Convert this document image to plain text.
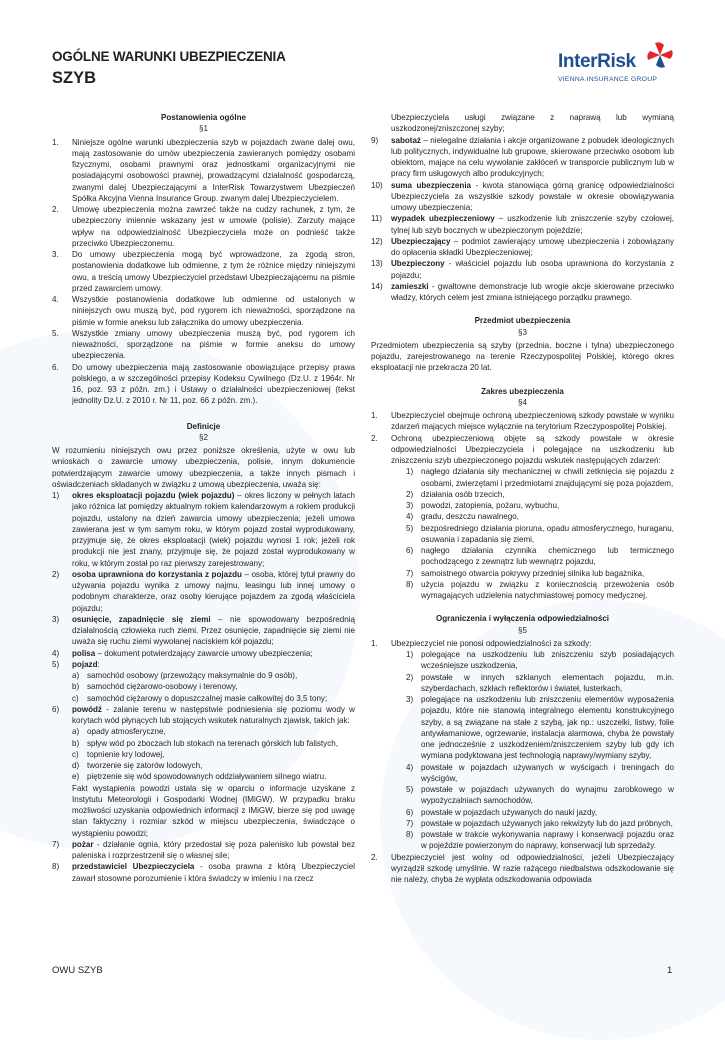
OGÓLNE WARUNKI UBEZPIECZENIA
SZYB
InterRisk
VIENNA INSURANCE GROUP
Postanowienia ogólne
§1
1.	Niniejsze ogólne warunki ubezpieczenia szyb w pojazdach zwane dalej owu, mają zastosowanie do umów ubezpieczenia zawieranych pomiędzy osobami fizycznymi, osobami prawnymi oraz jednostkami organizacyjnymi nie posiadającymi osobowości prawnej, prowadzącymi działalność gospodarczą, zwanymi dalej Ubezpieczającymi a InterRisk Towarzystwem Ubezpieczeń Spółka Akcyjna Vienna Insurance Group. zwanym dalej Ubezpieczycielem.
2.	Umowę ubezpieczenia można zawrzeć także na cudzy rachunek, z tym, że ubezpieczony imiennie wskazany jest w umowie (polisie). Zarzuty mające wpływ na odpowiedzialność Ubezpieczyciela może on podnieść także przeciwko Ubezpieczonemu.
3.	Do umowy ubezpieczenia mogą być wprowadzone, za zgodą stron, postanowienia dodatkowe lub odmienne, z tym że różnice między niniejszymi owu, a treścią umowy Ubezpieczyciel przedstawi Ubezpieczającemu na piśmie przed zawarciem umowy.
4.	Wszystkie postanowienia dodatkowe lub odmienne od ustalonych w niniejszych owu muszą być, pod rygorem ich nieważności, sporządzone na piśmie w formie aneksu lub załącznika do umowy ubezpieczenia.
5.	Wszystkie zmiany umowy ubezpieczenia muszą być, pod rygorem ich nieważności, sporządzone na piśmie w formie aneksu do umowy ubezpieczenia.
6.	Do umowy ubezpieczenia mają zastosowanie obowiązujące przepisy prawa polskiego, a w szczególności przepisy Kodeksu Cywilnego (Dz.U. z 1964r. Nr 16, poz. 93 z późn. zm.) i Ustawy o działalności ubezpieczeniowej (tekst jednolity Dz.U. z 2010 r. Nr 11, poz. 66 z późn. zm.).
Definicje
§2
W rozumieniu niniejszych owu przez poniższe określenia, użyte w owu lub wnioskach o zawarcie umowy ubezpieczenia, polisie, innym dokumencie potwierdzającym zawarcie umowy ubezpieczenia, a także innych pismach i oświadczeniach składanych w związku z umową ubezpieczenia, uważa się:
1)	okres eksploatacji pojazdu (wiek pojazdu) – okres liczony w pełnych latach jako różnica lat pomiędzy aktualnym rokiem kalendarzowym a rokiem produkcji pojazdu, ustalony na dzień zawarcia umowy ubezpieczenia; jeżeli umowa zawierana jest w tym samym roku, w którym pojazd został wyprodukowany, przyjmuje się, że okres eksploatacji (wiek) pojazdu wynosi 1 rok; jeżeli rok produkcji nie jest znany, przyjmuje się, że pojazd został wyprodukowany w roku, w którym został po raz pierwszy zarejestrowany;
2)	osoba uprawniona do korzystania z pojazdu – osoba, której tytuł prawny do używania pojazdu wynika z umowy najmu, leasingu lub innej umowy o podobnym charakterze, oraz osoby kierujące pojazdem za zgodą właściciela pojazdu;
3)	osunięcie, zapadnięcie się ziemi – nie spowodowany bezpośrednią działalnością człowieka ruch ziemi. Przez osunięcie, zapadnięcie się ziemi nie uważa się ruchu ziemi wywołanej naciskiem kół pojazdu;
4)	polisa – dokument potwierdzający zawarcie umowy ubezpieczenia;
5)	pojazd:
a) samochód osobowy (przewożący maksymalnie do 9 osób),
b) samochód ciężarowo-osobowy i terenowy,
c)	samochód ciężarowy o dopuszczalnej masie całkowitej do 3,5 tony;
6)	powódź - zalanie terenu w następstwie podniesienia się poziomu wody w korytach wód płynących lub stojących wskutek naturalnych zjawisk, takich jak:
a) opady atmosferyczne,
b) spływ wód po zboczach lub stokach na terenach górskich lub falistych,
c)	topnienie kry lodowej,
d) tworzenie się zatorów lodowych,
e) piętrzenie się wód spowodowanych oddziaływaniem silnego wiatru.
Fakt wystąpienia powodzi ustala się w oparciu o informacje uzyskane z Instytutu Meteorologii i Gospodarki Wodnej (IMiGW). W przypadku braku możliwości uzyskania odpowiednich informacji z IMiGW, bierze się pod uwagę stan faktyczny i rozmiar szkód w miejscu ubezpieczenia, świadczące o wystąpieniu powodzi;
7)	pożar - działanie ognia, który przedostał się poza palenisko lub powstał bez paleniska i rozprzestrzenił się o własnej sile;
8)	przedstawiciel Ubezpieczyciela - osoba prawna z którą Ubezpieczyciel zawarł stosowne porozumienie i która świadczy w imieniu i na rzecz
Ubezpieczyciela usługi związane z naprawą lub wymianą uszkodzonej/zniszczonej szyby;
9)	sabotaż – nielegalne działania i akcje organizowane z pobudek ideologicznych lub politycznych, indywidualne lub grupowe, skierowane przeciwko osobom lub obiektom, mające na celu wywołanie zakłóceń w transporcie publicznym lub w pracy firm usługowych albo produkcyjnych;
10)	suma ubezpieczenia - kwota stanowiąca górną granicę odpowiedzialności Ubezpieczyciela za wszystkie szkody powstałe w okresie obowiązywania umowy ubezpieczenia;
11)	wypadek ubezpieczeniowy – uszkodzenie lub zniszczenie szyby czołowej, tylnej lub szyb bocznych w ubezpieczonym pojeździe;
12)	Ubezpieczający – podmiot zawierający umowę ubezpieczenia i zobowiązany do opłacenia składki Ubezpieczeniowej;
13)	Ubezpieczony - właściciel pojazdu lub osoba uprawniona do korzystania z pojazdu;
14)	zamieszki - gwałtowne demonstracje lub wrogie akcje skierowane przeciwko władzy, których celem jest zmiana istniejącego porządku prawnego.
Przedmiot ubezpieczenia
§3
Przedmiotem ubezpieczenia są szyby (przednia, boczne i tylna) ubezpieczonego pojazdu, zarejestrowanego na terenie Rzeczypospolitej Polskiej, którego okres eksploatacji nie przekracza 20 lat.
Zakres ubezpieczenia
§4
1.	Ubezpieczyciel obejmuje ochroną ubezpieczeniową szkody powstałe w wyniku zdarzeń mających miejsce wyłącznie na terytorium Rzeczypospolitej Polskiej.
2.	Ochroną ubezpieczeniową objęte są szkody powstałe w okresie odpowiedzialności Ubezpieczyciela i polegające na uszkodzeniu lub zniszczeniu szyb ubezpieczonego pojazdu wskutek następujących zdarzeń:
1) nagłego działania siły mechanicznej w chwili zetknięcia się pojazdu z osobami, zwierzętami i przedmiotami znajdującymi się poza pojazdem,
2) działania osób trzecich,
3) powodzi, zatopienia, pożaru, wybuchu,
4) gradu, deszczu nawalnego,
5) bezpośredniego działania pioruna, opadu atmosferycznego, huraganu, osuwania i zapadania się ziemi,
6) nagłego działania czynnika chemicznego lub termicznego pochodzącego z zewnątrz lub wewnątrz pojazdu,
7) samoistnego otwarcia pokrywy przedniej silnika lub bagażnika,
8) użycia pojazdu w związku z koniecznością przewożenia osób wymagających udzielenia natychmiastowej pomocy medycznej.
Ograniczenia i wyłączenia odpowiedzialności
§5
1.	Ubezpieczyciel nie ponosi odpowiedzialności za szkody:
1) polegające na uszkodzeniu lub zniszczeniu szyb posiadających wcześniejsze uszkodzenia,
2) powstałe w innych szklanych elementach pojazdu, m.in. szyberdachach, szkłach reflektorów i świateł, lusterkach,
3) polegające na uszkodzeniu lub zniszczeniu elementów wyposażenia pojazdu, które nie stanowią integralnego elementu konstrukcyjnego szyby, a są związane na stałe z szybą, jak np.: uszczelki, listwy, folie antywłamaniowe, ogrzewanie, instalacja alarmowa, chyba że powstały one jednocześnie z uszkodzeniem/zniszczeniem szyby lub gdy ich wymiana podyktowana jest technologią naprawy/wymiany szyby,
4) powstałe w pojazdach używanych w wyścigach i treningach do wyścigów,
5) powstałe w pojazdach używanych do wynajmu zarobkowego w wypożyczalniach samochodów,
6) powstałe w pojazdach używanych do nauki jazdy,
7) powstałe w pojazdach używanych jako rekwizyty lub do jazd próbnych,
8) powstałe w trakcie wykonywania naprawy i konserwacji pojazdu oraz w pojeździe powierzonym do naprawy, konserwacji lub sprzedaży.
2.	Ubezpieczyciel jest wolny od odpowiedzialności, jeżeli Ubezpieczający wyrządził szkodę umyślnie. W razie rażącego niedbalstwa odszkodowanie się nie należy, chyba że wypłata odszkodowania odpowiada
OWU SZYB	1
